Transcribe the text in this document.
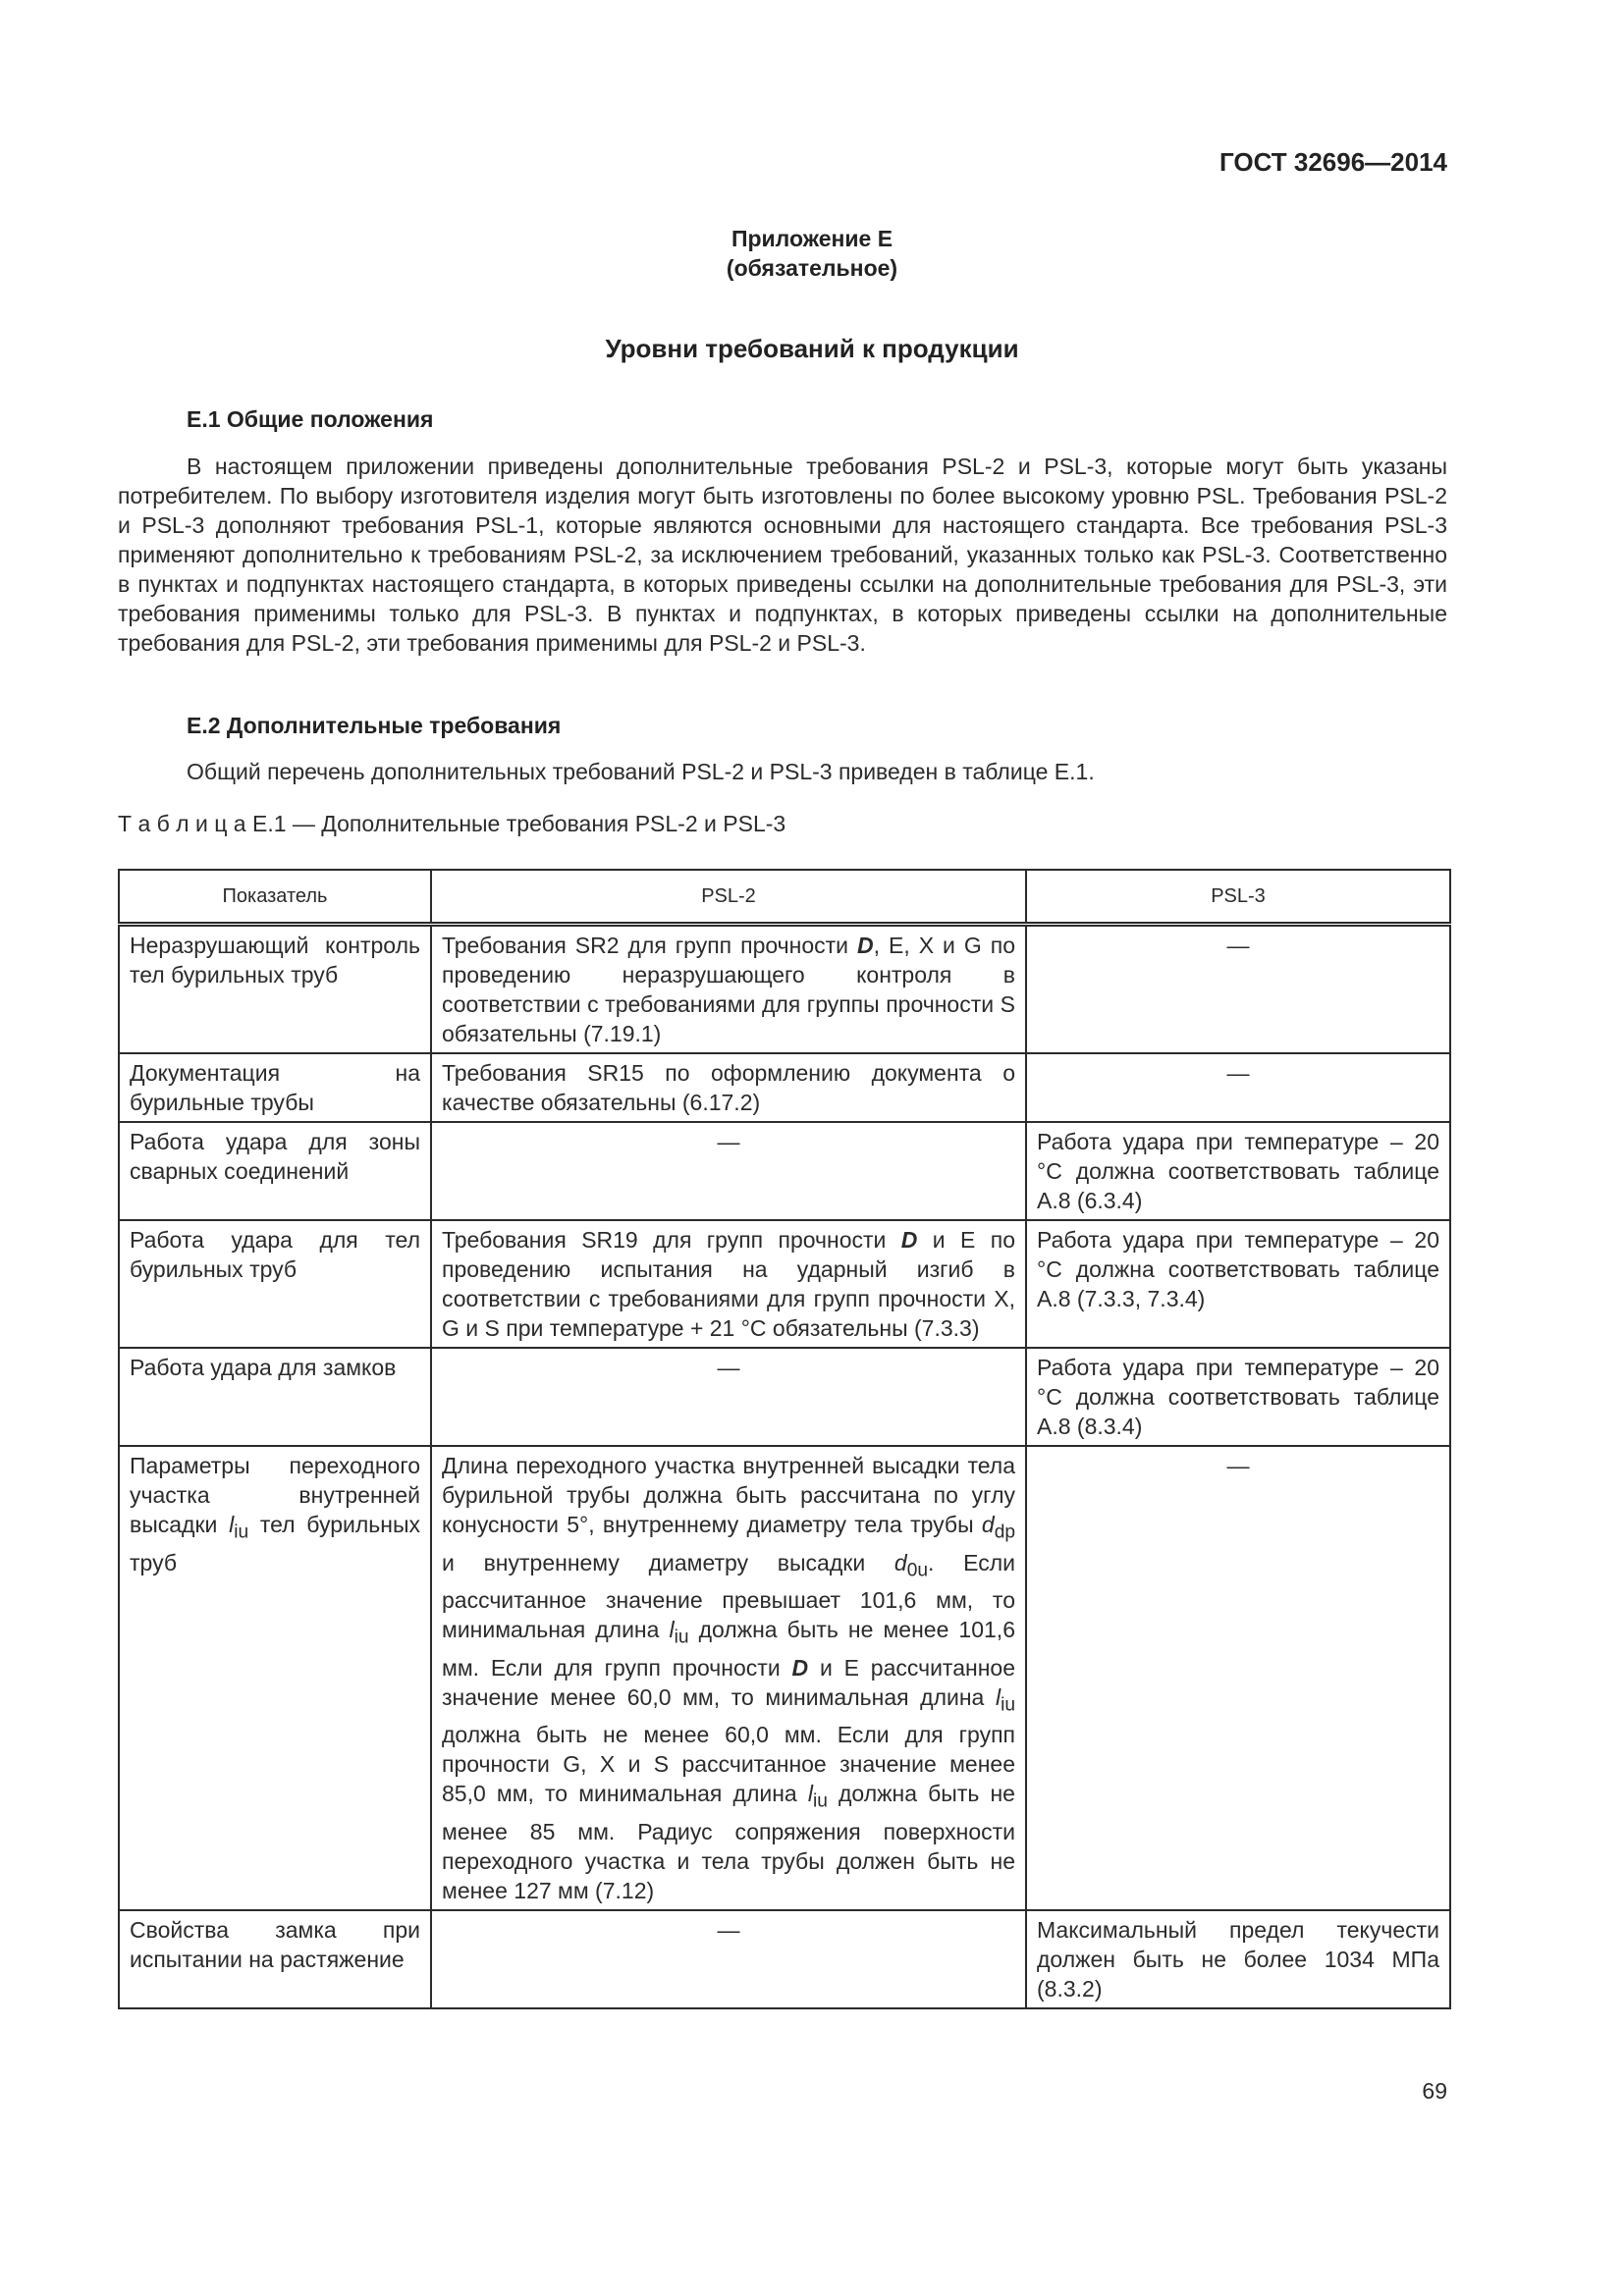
ГОСТ 32696—2014
Приложение Е
(обязательное)
Уровни требований к продукции
Е.1 Общие положения
В настоящем приложении приведены дополнительные требования PSL-2 и PSL-3, которые могут быть указаны потребителем. По выбору изготовителя изделия могут быть изготовлены по более высокому уровню PSL. Требования PSL-2 и PSL-3 дополняют требования PSL-1, которые являются основными для настоящего стандарта. Все требования PSL-3 применяют дополнительно к требованиям PSL-2, за исключением требований, указанных только как PSL-3. Соответственно в пунктах и подпунктах настоящего стандарта, в которых приведены ссылки на дополнительные требования для PSL-3, эти требования применимы только для PSL-3. В пунктах и подпунктах, в которых приведены ссылки на дополнительные требования для PSL-2, эти требования применимы для PSL-2 и PSL-3.
Е.2 Дополнительные требования
Общий перечень дополнительных требований PSL-2 и PSL-3 приведен в таблице Е.1.
Т а б л и ц а Е.1 — Дополнительные требования PSL-2 и PSL-3
Показатель	PSL-2	PSL-3
Неразрушающий контроль тел бурильных труб	Требования SR2 для групп прочности D, E, X и G по проведению неразрушающего контроля в соответствии с требованиями для группы прочности S обязательны (7.19.1)	—
Документация на бурильные трубы	Требования SR15 по оформлению документа о качестве обязательны (6.17.2)	—
Работа удара для зоны сварных соединений	—	Работа удара при температуре – 20 °С должна соответствовать таблице А.8 (6.3.4)
Работа удара для тел бурильных труб	Требования SR19 для групп прочности D и E по проведению испытания на ударный изгиб в соответствии с требованиями для групп прочности X, G и S при температуре + 21 °С обязательны (7.3.3)	Работа удара при температуре – 20 °С должна соответствовать таблице А.8 (7.3.3, 7.3.4)
Работа удара для замков	—	Работа удара при температуре – 20 °С должна соответствовать таблице А.8 (8.3.4)
Параметры переходного участка внутренней высадки $l_{iu}$ тел бурильных труб	Длина переходного участка внутренней высадки тела бурильной трубы должна быть рассчитана по углу конусности 5°, внутреннему диаметру тела трубы $d_{dp}$ и внутреннему диаметру высадки $d_{0u}$. Если рассчитанное значение превышает 101,6 мм, то минимальная длина $l_{iu}$ должна быть не менее 101,6 мм. Если для групп прочности D и E рассчитанное значение менее 60,0 мм, то минимальная длина $l_{iu}$ должна быть не менее 60,0 мм. Если для групп прочности G, X и S рассчитанное значение менее 85,0 мм, то минимальная длина $l_{iu}$ должна быть не менее 85 мм. Радиус сопряжения поверхности переходного участка и тела трубы должен быть не менее 127 мм (7.12)	—
Свойства замка при испытании на растяжение	—	Максимальный предел текучести должен быть не более 1034 МПа (8.3.2)
69
